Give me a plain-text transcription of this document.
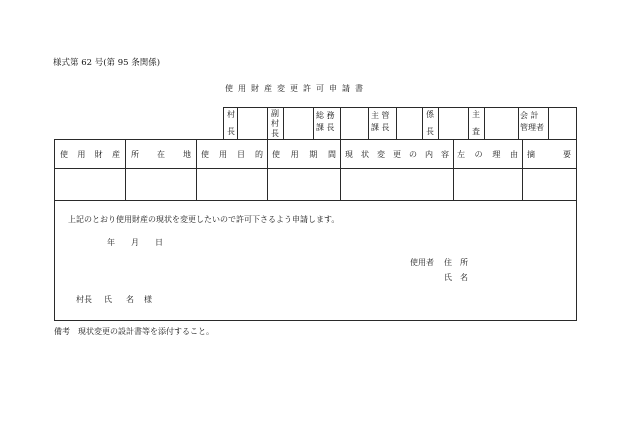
様式第 62 号(第 95 条関係)
使用財産変更許可申請書
村
長
副
村
長
総 務
課 長
主 管
課 長
係
長
主
査
会 計
管理者
使 用 財 産 所 在 地 使 用 目 的 使 用 期 間 現 状 変 更 の 内 容 左 の 理 由 摘	要
上記のとおり使用財産の現状を変更したいので許可下さるよう申請します。
年 月 日
使用者 住　所
氏　名
村長 氏 名 様
備考　現状変更の設計書等を添付すること。
